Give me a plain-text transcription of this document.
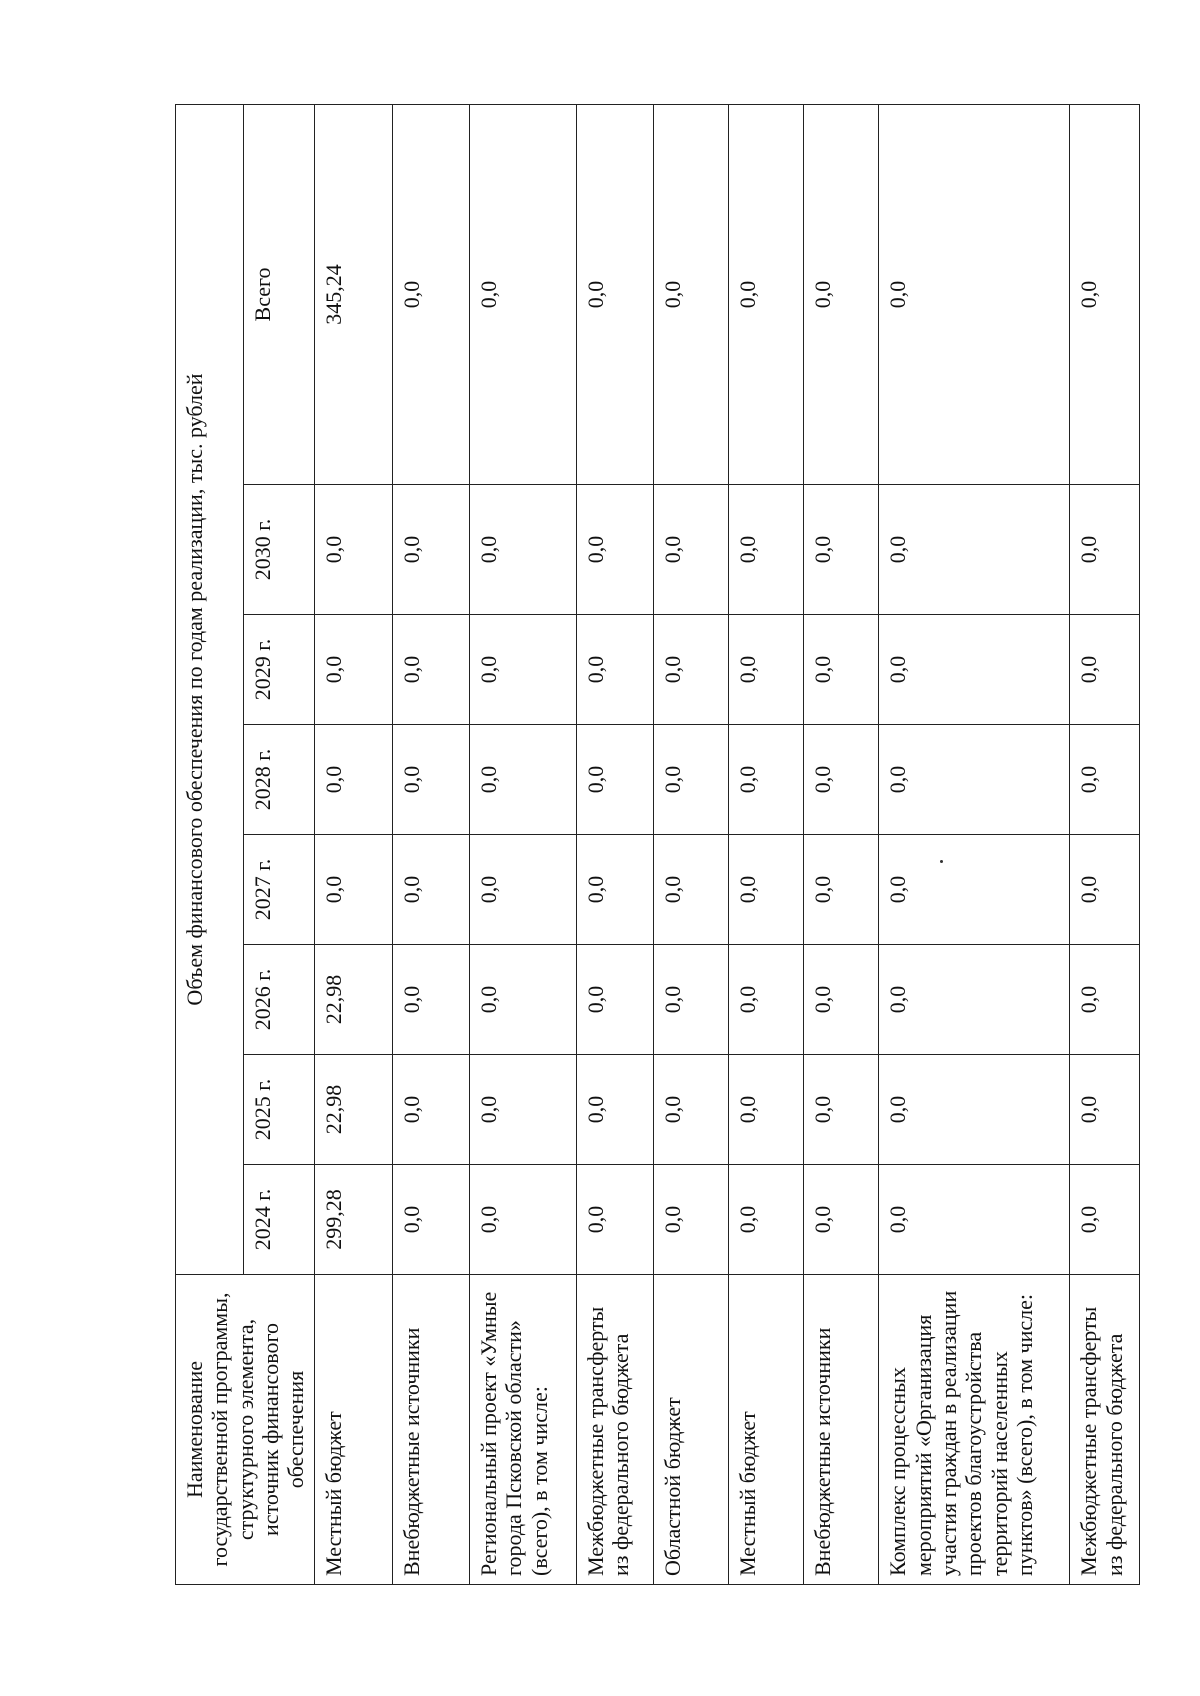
Наименование государственной программы, структурного элемента, источник финансового обеспечения	Объем финансового обеспечения по годам реализации, тыс. рублей							
	2024 г.	2025 г.	2026 г.	2027 г.	2028 г.	2029 г.	2030 г.	Всего
Местный бюджет	299,28	22,98	22,98	0,0	0,0	0,0	0,0	345,24
Внебюджетные источники	0,0	0,0	0,0	0,0	0,0	0,0	0,0	0,0
Региональный проект «Умные города Псковской области» (всего), в том числе:	0,0	0,0	0,0	0,0	0,0	0,0	0,0	0,0
Межбюджетные трансферты из федерального бюджета	0,0	0,0	0,0	0,0	0,0	0,0	0,0	0,0
Областной бюджет	0,0	0,0	0,0	0,0	0,0	0,0	0,0	0,0
Местный бюджет	0,0	0,0	0,0	0,0	0,0	0,0	0,0	0,0
Внебюджетные источники	0,0	0,0	0,0	0,0	0,0	0,0	0,0	0,0
Комплекс процессных мероприятий «Организация участия граждан в реализации проектов благоустройства территорий населенных пунктов» (всего), в том числе:	0,0	0,0	0,0	0,0	0,0	0,0	0,0	0,0
Межбюджетные трансферты из федерального бюджета	0,0	0,0	0,0	0,0	0,0	0,0	0,0	0,0
